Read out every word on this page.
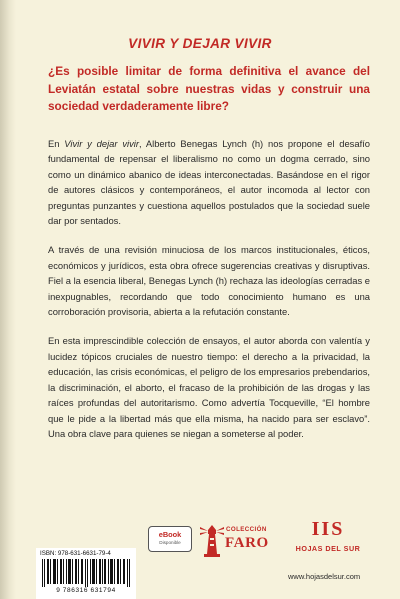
VIVIR Y DEJAR VIVIR
¿Es posible limitar de forma definitiva el avance del Leviatán estatal sobre nuestras vidas y construir una sociedad verdaderamente libre?

En Vivir y dejar vivir, Alberto Benegas Lynch (h) nos propone el desafío fundamental de repensar el liberalismo no como un dogma cerrado, sino como un dinámico abanico de ideas interconectadas. Basándose en el rigor de autores clásicos y contemporáneos, el autor incomoda al lector con preguntas punzantes y cuestiona aquellos postulados que la sociedad suele dar por sentados.

A través de una revisión minuciosa de los marcos institucionales, éticos, económicos y jurídicos, esta obra ofrece sugerencias creativas y disruptivas. Fiel a la esencia liberal, Benegas Lynch (h) rechaza las ideologías cerradas e inexpugnables, recordando que todo conocimiento humano es una corroboración provisoria, abierta a la refutación constante.

En esta imprescindible colección de ensayos, el autor aborda con valentía y lucidez tópicos cruciales de nuestro tiempo: el derecho a la privacidad, la educación, las crisis económicas, el peligro de los empresarios prebendarios, la discriminación, el aborto, el fracaso de la prohibición de las drogas y las raíces profundas del autoritarismo. Como advertía Tocqueville, “El hombre que le pide a la libertad más que ella misma, ha nacido para ser esclavo”. Una obra clave para quienes se niegan a someterse al poder.

ISBN: 978-631-6631-79-4
9 786316 631794
eBook
Disponible
COLECCIÓN
FARO
IIS
HOJAS DEL SUR
www.hojasdelsur.com
